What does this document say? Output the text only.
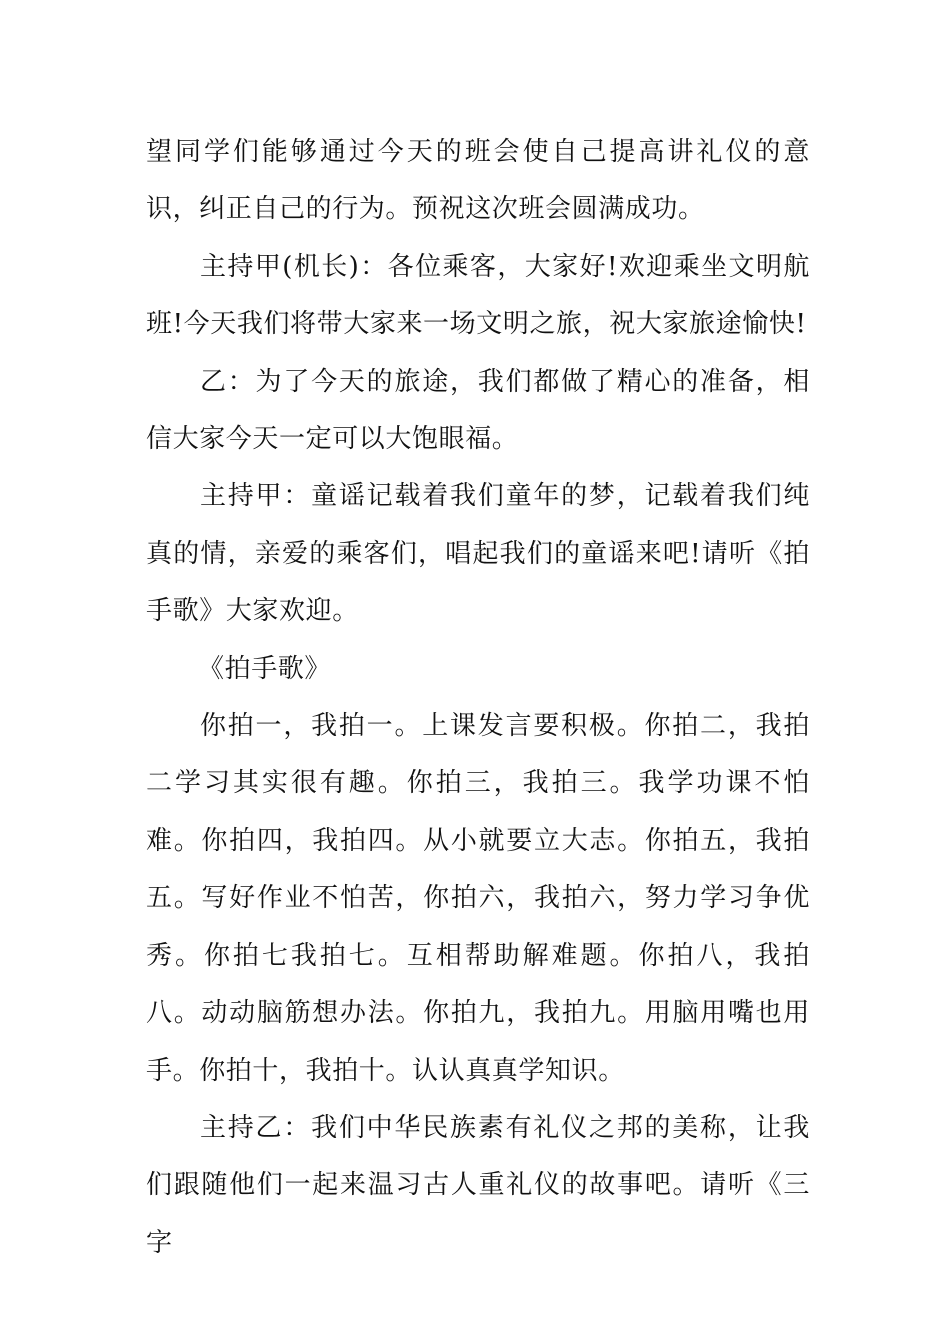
望同学们能够通过今天的班会使自己提高讲礼仪的意识，纠正自己的行为。预祝这次班会圆满成功。

主持甲(机长)：各位乘客，大家好!欢迎乘坐文明航班!今天我们将带大家来一场文明之旅，祝大家旅途愉快!

乙：为了今天的旅途，我们都做了精心的准备，相信大家今天一定可以大饱眼福。

主持甲：童谣记载着我们童年的梦，记载着我们纯真的情，亲爱的乘客们，唱起我们的童谣来吧!请听《拍手歌》大家欢迎。

《拍手歌》

你拍一，我拍一。上课发言要积极。你拍二，我拍二学习其实很有趣。你拍三，我拍三。我学功课不怕难。你拍四，我拍四。从小就要立大志。你拍五，我拍五。写好作业不怕苦，你拍六，我拍六，努力学习争优秀。你拍七我拍七。互相帮助解难题。你拍八，我拍八。动动脑筋想办法。你拍九，我拍九。用脑用嘴也用手。你拍十，我拍十。认认真真学知识。

主持乙：我们中华民族素有礼仪之邦的美称，让我们跟随他们一起来温习古人重礼仪的故事吧。请听《三字
